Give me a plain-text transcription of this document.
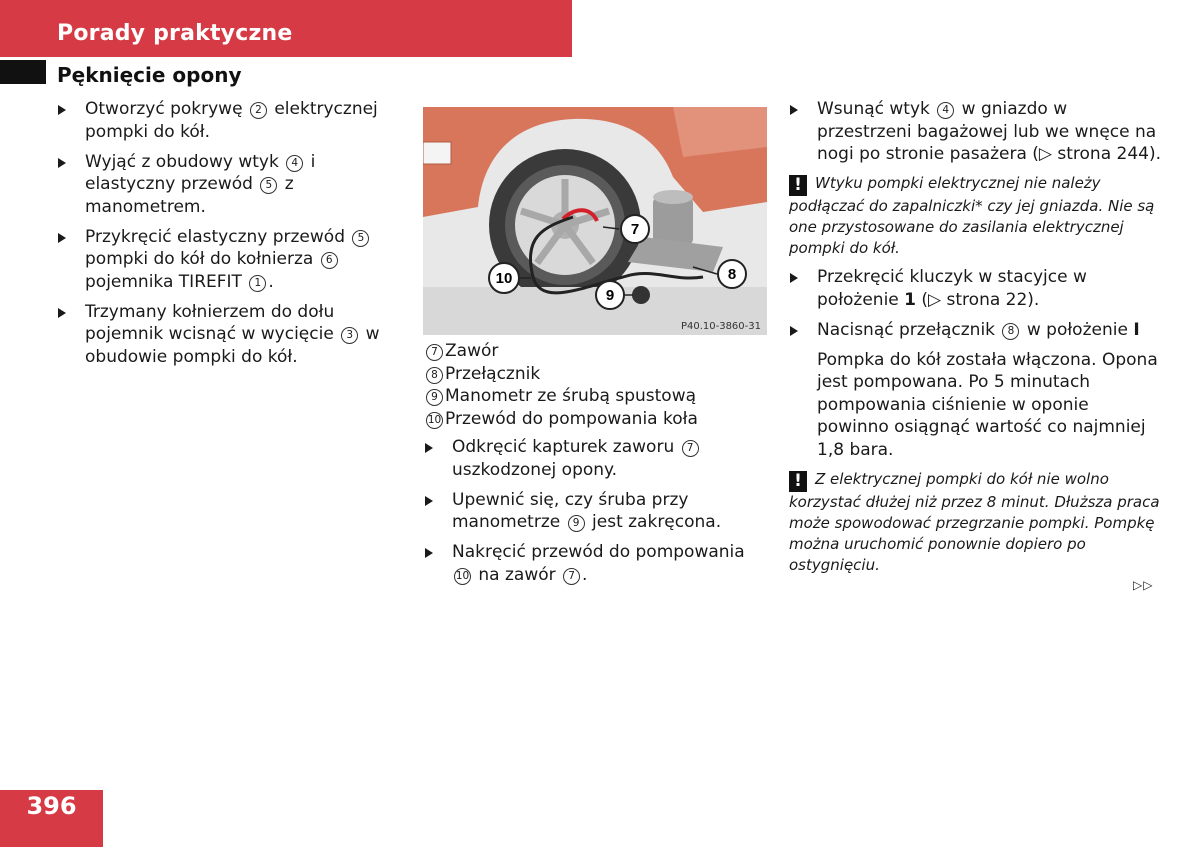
Porady praktyczne
Pęknięcie opony
Otworzyć pokrywę 2 elektrycznej pompki do kół.
Wyjąć z obudowy wtyk 4 i elastyczny przewód 5 z manometrem.
Przykręcić elastyczny przewód 5 pompki do kół do kołnierza 6 pojemnika TIREFIT 1 .
Trzymany kołnierzem do dołu pojemnik wcisnąć w wycięcie 3 w obudowie pompki do kół.
7
8
9
10
P40.10-3860-31
7 Zawór
8 Przełącznik
9 Manometr ze śrubą spustową
10 Przewód do pompowania koła
Odkręcić kapturek zaworu 7 uszkodzonej opony.
Upewnić się, czy śruba przy manometrze 9 jest zakręcona.
Nakręcić przewód do pompowania 10 na zawór 7 .
Wsunąć wtyk 4 w gniazdo w przestrzeni bagażowej lub we wnęce na nogi po stronie pasażera (▷ strona 244).
! Wtyku pompki elektrycznej nie należy podłączać do zapalniczki* czy jej gniazda. Nie są one przystosowane do zasilania elektrycznej pompki do kół.
Przekręcić kluczyk w stacyjce w położenie 1 (▷ strona 22).
Nacisnąć przełącznik 8 w położenie I
Pompka do kół została włączona. Opona jest pompowana. Po 5 minutach pompowania ciśnienie w oponie powinno osiągnąć wartość co najmniej 1,8 bara.
! Z elektrycznej pompki do kół nie wolno korzystać dłużej niż przez 8 minut. Dłuższa praca może spowodować przegrzanie pompki. Pompkę można uruchomić ponownie dopiero po ostygnięciu.
▷▷
396
